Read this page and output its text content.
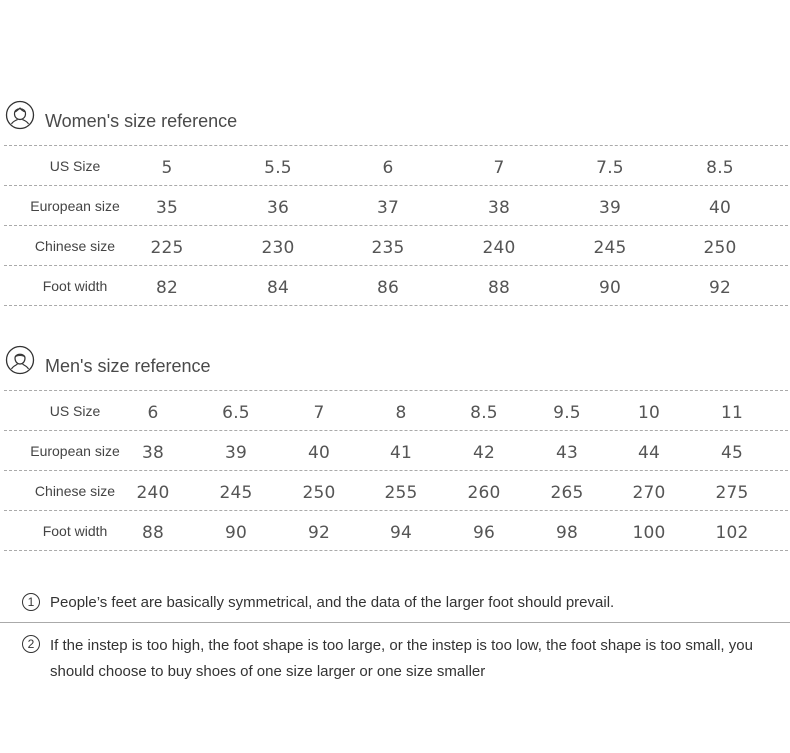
Women's size reference
US Size	5	5.5	6	7	7.5	8.5
European size	35	36	37	38	39	40
Chinese size	225	230	235	240	245	250
Foot width	82	84	86	88	90	92
Men's size reference
US Size	6	6.5	7	8	8.5	9.5	10	11
European size	38	39	40	41	42	43	44	45
Chinese size	240	245	250	255	260	265	270	275
Foot width	88	90	92	94	96	98	100	102
1	People’s feet are basically symmetrical, and the data of the larger foot should prevail.
2	If the instep is too high, the foot shape is too large, or the instep is too low, the foot shape is too small, you should choose to buy shoes of one size larger or one size smaller
